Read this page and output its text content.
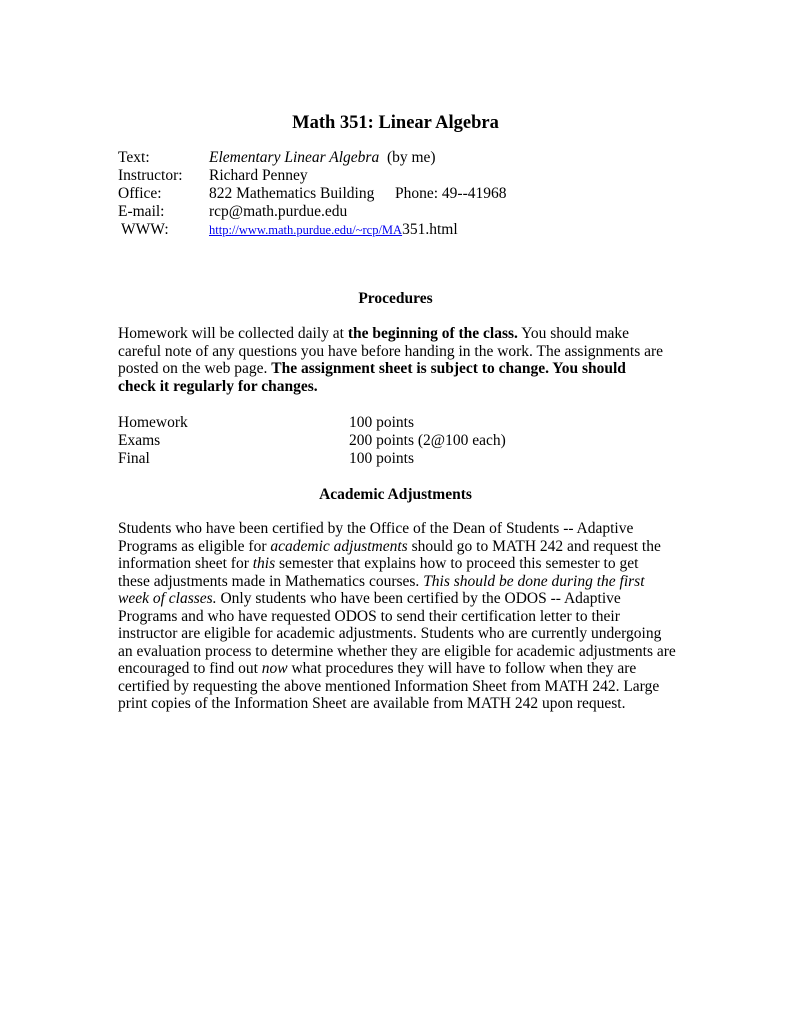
Math 351: Linear Algebra
Text:	Elementary Linear Algebra (by me)
Instructor: Richard Penney
Office:	822 Mathematics Building Phone: 49--41968
E-mail:	rcp@math.purdue.edu
WWW:	http://www.math.purdue.edu/~rcp/MA351.html
Procedures
Homework will be collected daily at the beginning of the class. You should make
careful note of any questions you have before handing in the work. The assignments are
posted on the web page. The assignment sheet is subject to change. You should
check it regularly for changes.
Homework	100 points
Exams	200 points (2@100 each)
Final	100 points
Academic Adjustments
Students who have been certified by the Office of the Dean of Students -- Adaptive
Programs as eligible for academic adjustments should go to MATH 242 and request the
information sheet for this semester that explains how to proceed this semester to get
these adjustments made in Mathematics courses. This should be done during the first
week of classes. Only students who have been certified by the ODOS -- Adaptive
Programs and who have requested ODOS to send their certification letter to their
instructor are eligible for academic adjustments. Students who are currently undergoing
an evaluation process to determine whether they are eligible for academic adjustments are
encouraged to find out now what procedures they will have to follow when they are
certified by requesting the above mentioned Information Sheet from MATH 242. Large
print copies of the Information Sheet are available from MATH 242 upon request.
